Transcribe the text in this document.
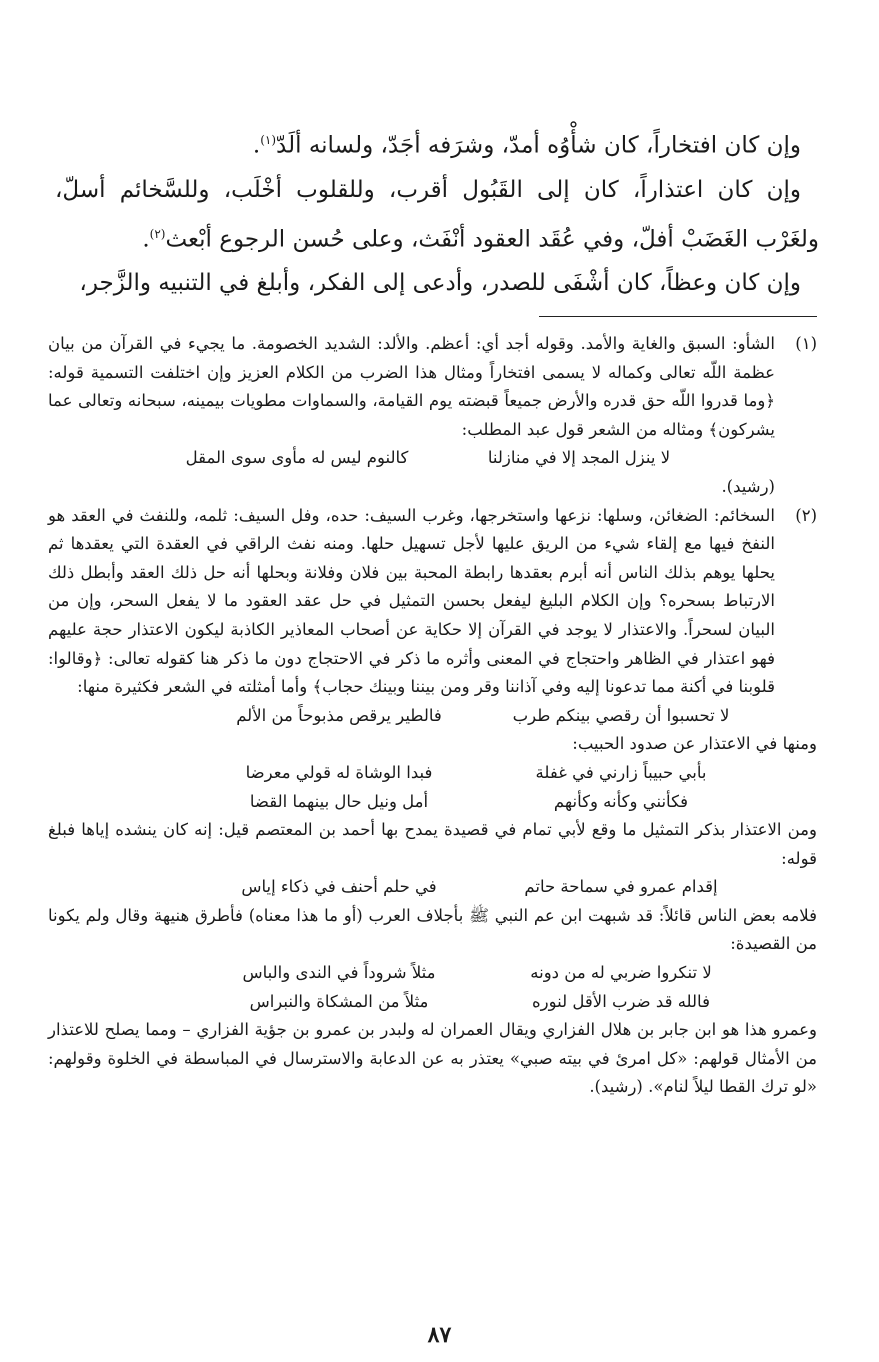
وإن كان افتخاراً، كان شأْوُه أمدّ، وشرَفه أجَدّ، ولسانه ألَدّ$^{(١)}$.

وإن كان اعتذاراً، كان إلى القَبُول أقرب، وللقلوب أخْلَب، وللسَّخائم أسلّ، ولغَرْب الغَضَبْ أفلّ، وفي عُقَد العقود أنْفَث، وعلى حُسن الرجوع أبْعث$^{(٢)}$.

وإن كان وعظاً، كان أشْفَى للصدر، وأدعى إلى الفكر، وأبلغ في التنبيه والزَّجر،

(١)

الشأو: السبق والغاية والأمد. وقوله أجد أي: أعظم. والألد: الشديد الخصومة. ما يجيء في القرآن من بيان عظمة اللّه تعالى وكماله لا يسمى افتخاراً ومثال هذا الضرب من الكلام العزيز وإن اختلفت التسمية قوله: ﴿وما قدروا اللّه حق قدره والأرض جميعاً قبضته يوم القيامة، والسماوات مطويات بيمينه، سبحانه وتعالى عما يشركون﴾ ومثاله من الشعر قول عبد المطلب:

لا ينزل المجد إلا في منازلنا
كالنوم ليس له مأوى سوى المقل

(رشيد).

(٢)

السخائم: الضغائن، وسلها: نزعها واستخرجها، وغرب السيف: حده، وفل السيف: ثلمه، وللنفث في العقد هو النفخ فيها مع إلقاء شيء من الريق عليها لأجل تسهيل حلها. ومنه نفث الراقي في العقدة التي يعقدها ثم يحلها يوهم بذلك الناس أنه أبرم بعقدها رابطة المحبة بين فلان وفلانة وبحلها أنه حل ذلك العقد وأبطل ذلك الارتباط بسحره؟ وإن الكلام البليغ ليفعل بحسن التمثيل في حل عقد العقود ما لا يفعل السحر، وإن من البيان لسحراً. والاعتذار لا يوجد في القرآن إلا حكاية عن أصحاب المعاذير الكاذبة ليكون الاعتذار حجة عليهم فهو اعتذار في الظاهر واحتجاج في المعنى وأثره ما ذكر في الاحتجاج دون ما ذكر هنا كقوله تعالى: ﴿وقالوا: قلوبنا في أكنة مما تدعونا إليه وفي آذاننا وقر ومن بيننا وبينك حجاب﴾ وأما أمثلته في الشعر فكثيرة منها:

لا تحسبوا أن رقصي بينكم طرب
فالطير يرقص مذبوحاً من الألم

ومنها في الاعتذار عن صدود الحبيب:

بأبي حبيباً زارني في غفلة
فبدا الوشاة له قولي معرضا
فكأنني وكأنه وكأنهم
أمل ونيل حال بينهما القضا

ومن الاعتذار بذكر التمثيل ما وقع لأبي تمام في قصيدة يمدح بها أحمد بن المعتصم قيل: إنه كان ينشده إياها فبلغ قوله:

إقدام عمرو في سماحة حاتم
في حلم أحنف في ذكاء إياس

فلامه بعض الناس قائلاً: قد شبهت ابن عم النبي ﷺ بأجلاف العرب (أو ما هذا معناه) فأطرق هنيهة وقال ولم يكونا من القصيدة:

لا تنكروا ضربي له من دونه
مثلاً شروداً في الندى والباس
فالله قد ضرب الأقل لنوره
مثلاً من المشكاة والنبراس

وعمرو هذا هو ابن جابر بن هلال الفزاري ويقال العمران له ولبدر بن عمرو بن جؤية الفزاري – ومما يصلح للاعتذار من الأمثال قولهم: «كل امرئ في بيته صبي» يعتذر به عن الدعابة والاسترسال في المباسطة في الخلوة وقولهم: «لو ترك القطا ليلاً لنام». (رشيد).

٨٧
